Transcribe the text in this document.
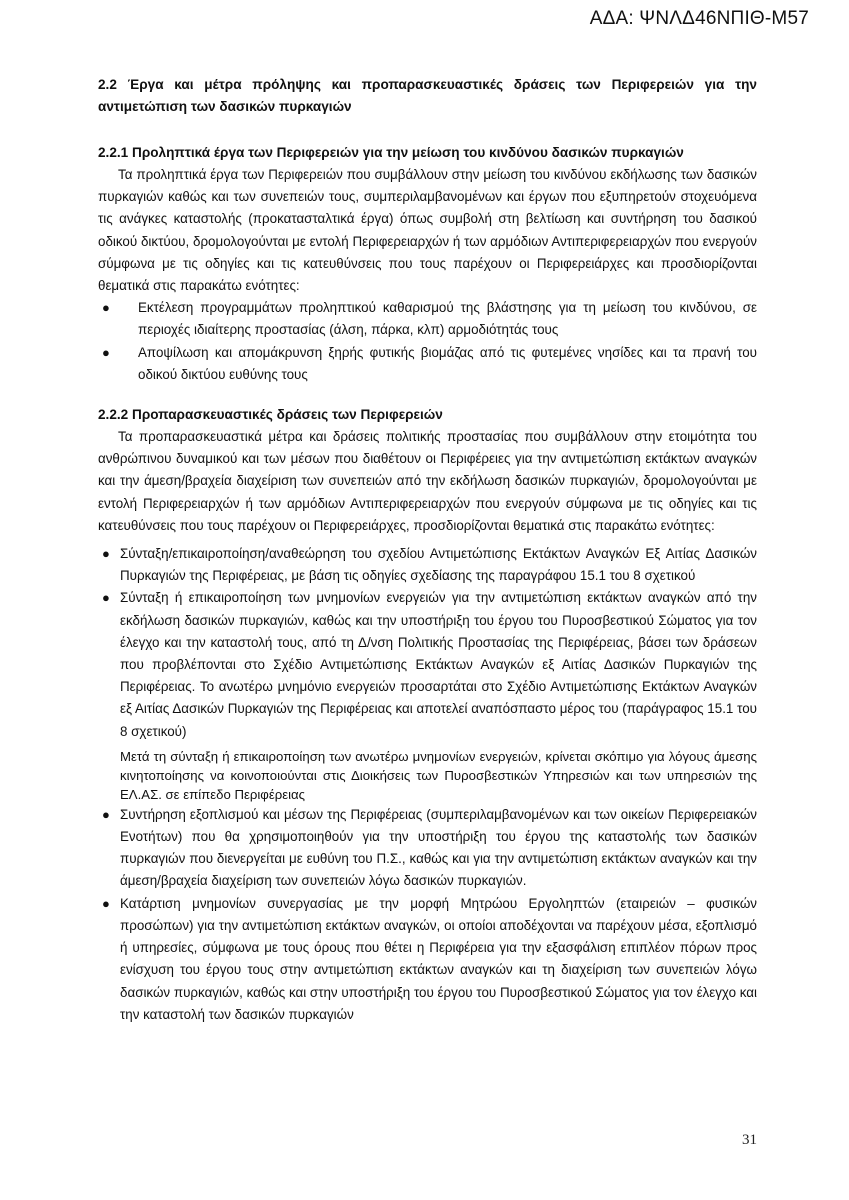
ΑΔΑ: ΨΝΛΔ46ΝΠΙΘ-Μ57
2.2 Έργα και μέτρα πρόληψης και προπαρασκευαστικές δράσεις των Περιφερειών για την αντιμετώπιση των δασικών πυρκαγιών
2.2.1 Προληπτικά έργα των Περιφερειών για την μείωση του κινδύνου δασικών πυρκαγιών

Τα προληπτικά έργα των Περιφερειών που συμβάλλουν στην μείωση του κινδύνου εκδήλωσης των δασικών πυρκαγιών καθώς και των συνεπειών τους, συμπεριλαμβανομένων και έργων που εξυπηρετούν στοχευόμενα τις ανάγκες καταστολής (προκατασταλτικά έργα) όπως συμβολή στη βελτίωση και συντήρηση του δασικού οδικού δικτύου, δρομολογούνται με εντολή Περιφερειαρχών ή των αρμόδιων Αντιπεριφερειαρχών που ενεργούν σύμφωνα με τις οδηγίες και τις κατευθύνσεις που τους παρέχουν οι Περιφερειάρχες και προσδιορίζονται θεματικά στις παρακάτω ενότητες:

● Εκτέλεση προγραμμάτων προληπτικού καθαρισμού της βλάστησης για τη μείωση του κινδύνου, σε περιοχές ιδιαίτερης προστασίας (άλση, πάρκα, κλπ) αρμοδιότητάς τους
● Αποψίλωση και απομάκρυνση ξηρής φυτικής βιομάζας από τις φυτεμένες νησίδες και τα πρανή του οδικού δικτύου ευθύνης τους
2.2.2 Προπαρασκευαστικές δράσεις των Περιφερειών

Τα προπαρασκευαστικά μέτρα και δράσεις πολιτικής προστασίας που συμβάλλουν στην ετοιμότητα του ανθρώπινου δυναμικού και των μέσων που διαθέτουν οι Περιφέρειες για την αντιμετώπιση εκτάκτων αναγκών και την άμεση/βραχεία διαχείριση των συνεπειών από την εκδήλωση δασικών πυρκαγιών, δρομολογούνται με εντολή Περιφερειαρχών ή των αρμόδιων Αντιπεριφερειαρχών που ενεργούν σύμφωνα με τις οδηγίες και τις κατευθύνσεις που τους παρέχουν οι Περιφερειάρχες, προσδιορίζονται θεματικά στις παρακάτω ενότητες:

● Σύνταξη/επικαιροποίηση/αναθεώρηση του σχεδίου Αντιμετώπισης Εκτάκτων Αναγκών Εξ Αιτίας Δασικών Πυρκαγιών της Περιφέρειας, με βάση τις οδηγίες σχεδίασης της παραγράφου 15.1 του 8 σχετικού
● Σύνταξη ή επικαιροποίηση των μνημονίων ενεργειών για την αντιμετώπιση εκτάκτων αναγκών από την εκδήλωση δασικών πυρκαγιών, καθώς και την υποστήριξη του έργου του Πυροσβεστικού Σώματος για τον έλεγχο και την καταστολή τους, από τη Δ/νση Πολιτικής Προστασίας της Περιφέρειας, βάσει των δράσεων που προβλέπονται στο Σχέδιο Αντιμετώπισης Εκτάκτων Αναγκών εξ Αιτίας Δασικών Πυρκαγιών της Περιφέρειας. Το ανωτέρω μνημόνιο ενεργειών προσαρτάται στο Σχέδιο Αντιμετώπισης Εκτάκτων Αναγκών εξ Αιτίας Δασικών Πυρκαγιών της Περιφέρειας και αποτελεί αναπόσπαστο μέρος του (παράγραφος 15.1 του 8 σχετικού)
Μετά τη σύνταξη ή επικαιροποίηση των ανωτέρω μνημονίων ενεργειών, κρίνεται σκόπιμο για λόγους άμεσης κινητοποίησης να κοινοποιούνται στις Διοικήσεις των Πυροσβεστικών Υπηρεσιών και των υπηρεσιών της ΕΛ.ΑΣ. σε επίπεδο Περιφέρειας
● Συντήρηση εξοπλισμού και μέσων της Περιφέρειας (συμπεριλαμβανομένων και των οικείων Περιφερειακών Ενοτήτων) που θα χρησιμοποιηθούν για την υποστήριξη του έργου της καταστολής των δασικών πυρκαγιών που διενεργείται με ευθύνη του Π.Σ., καθώς και για την αντιμετώπιση εκτάκτων αναγκών και την άμεση/βραχεία διαχείριση των συνεπειών λόγω δασικών πυρκαγιών.
● Κατάρτιση μνημονίων συνεργασίας με την μορφή Μητρώου Εργοληπτών (εταιρειών – φυσικών προσώπων) για την αντιμετώπιση εκτάκτων αναγκών, οι οποίοι αποδέχονται να παρέχουν μέσα, εξοπλισμό ή υπηρεσίες, σύμφωνα με τους όρους που θέτει η Περιφέρεια για την εξασφάλιση επιπλέον πόρων προς ενίσχυση του έργου τους στην αντιμετώπιση εκτάκτων αναγκών και τη διαχείριση των συνεπειών λόγω δασικών πυρκαγιών, καθώς και στην υποστήριξη του έργου του Πυροσβεστικού Σώματος για τον έλεγχο και την καταστολή των δασικών πυρκαγιών
31
